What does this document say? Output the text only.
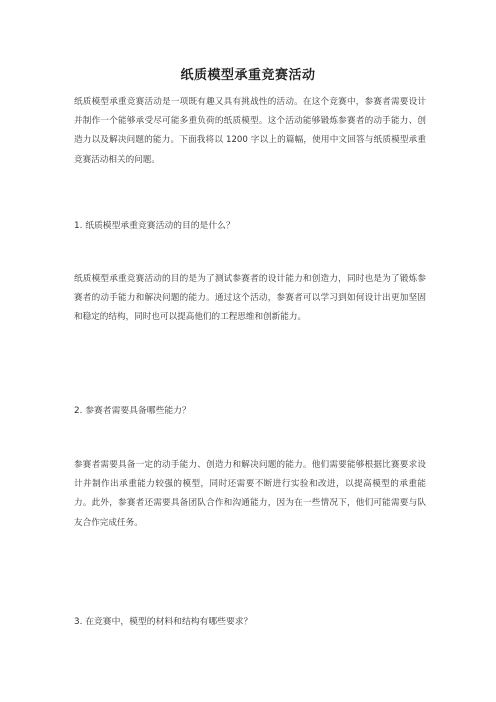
纸质模型承重竞赛活动

纸质模型承重竞赛活动是一项既有趣又具有挑战性的活动。在这个竞赛中，参赛者需要设计并制作一个能够承受尽可能多重负荷的纸质模型。这个活动能够锻炼参赛者的动手能力、创造力以及解决问题的能力。下面我将以 1200 字以上的篇幅，使用中文回答与纸质模型承重竞赛活动相关的问题。

1. 纸质模型承重竞赛活动的目的是什么？

纸质模型承重竞赛活动的目的是为了测试参赛者的设计能力和创造力，同时也是为了锻炼参赛者的动手能力和解决问题的能力。通过这个活动，参赛者可以学习到如何设计出更加坚固和稳定的结构，同时也可以提高他们的工程思维和创新能力。

2. 参赛者需要具备哪些能力？

参赛者需要具备一定的动手能力、创造力和解决问题的能力。他们需要能够根据比赛要求设计并制作出承重能力较强的模型，同时还需要不断进行实验和改进，以提高模型的承重能力。此外，参赛者还需要具备团队合作和沟通能力，因为在一些情况下，他们可能需要与队友合作完成任务。

3. 在竞赛中，模型的材料和结构有哪些要求？
